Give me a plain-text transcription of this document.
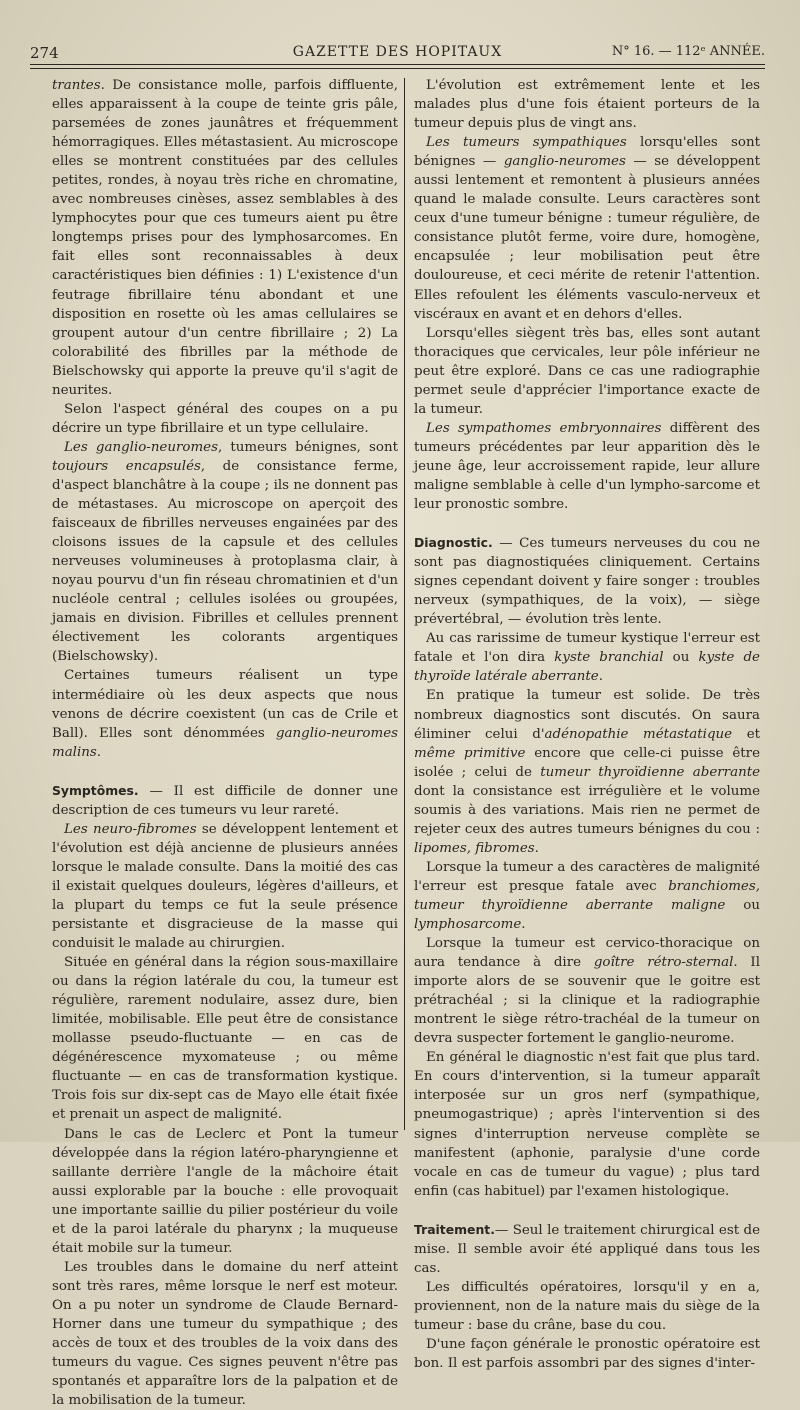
274	GAZETTE DES HOPITAUX	N° 16. — 112ᵉ ANNÉE.

trantes. De consistance molle, parfois diffluente, elles apparaissent à la coupe de teinte gris pâle, parsemées de zones jaunâtres et fréquemment hémorragiques. Elles métastasient. Au microscope elles se montrent constituées par des cellules petites, rondes, à noyau très riche en chromatine, avec nombreuses cinèses, assez semblables à des lymphocytes pour que ces tumeurs aient pu être longtemps prises pour des lymphosarcomes. En fait elles sont reconnaissables à deux caractéristiques bien définies : 1) L'existence d'un feutrage fibrillaire ténu abondant et une disposition en rosette où les amas cellulaires se groupent autour d'un centre fibrillaire ; 2) La colorabilité des fibrilles par la méthode de Bielschowsky qui apporte la preuve qu'il s'agit de neurites.

Selon l'aspect général des coupes on a pu décrire un type fibrillaire et un type cellulaire.

Les ganglio-neuromes, tumeurs bénignes, sont toujours encapsulés, de consistance ferme, d'aspect blanchâtre à la coupe ; ils ne donnent pas de métastases. Au microscope on aperçoit des faisceaux de fibrilles nerveuses engainées par des cloisons issues de la capsule et des cellules nerveuses volumineuses à protoplasma clair, à noyau pourvu d'un fin réseau chromatinien et d'un nucléole central ; cellules isolées ou groupées, jamais en division. Fibrilles et cellules prennent électivement les colorants argentiques (Bielschowsky).

Certaines tumeurs réalisent un type intermédiaire où les deux aspects que nous venons de décrire coexistent (un cas de Crile et Ball). Elles sont dénommées ganglio-neuromes malins.

Symptômes. — Il est difficile de donner une description de ces tumeurs vu leur rareté.

Les neuro-fibromes se développent lentement et l'évolution est déjà ancienne de plusieurs années lorsque le malade consulte. Dans la moitié des cas il existait quelques douleurs, légères d'ailleurs, et la plupart du temps ce fut la seule présence persistante et disgracieuse de la masse qui conduisit le malade au chirurgien.

Située en général dans la région sous-maxillaire ou dans la région latérale du cou, la tumeur est régulière, rarement nodulaire, assez dure, bien limitée, mobilisable. Elle peut être de consistance mollasse pseudo-fluctuante — en cas de dégénérescence myxomateuse ; ou même fluctuante — en cas de transformation kystique. Trois fois sur dix-sept cas de Mayo elle était fixée et prenait un aspect de malignité.

Dans le cas de Leclerc et Pont la tumeur développée dans la région latéro-pharyngienne et saillante derrière l'angle de la mâchoire était aussi explorable par la bouche : elle provoquait une importante saillie du pilier postérieur du voile et de la paroi latérale du pharynx ; la muqueuse était mobile sur la tumeur.

Les troubles dans le domaine du nerf atteint sont très rares, même lorsque le nerf est moteur. On a pu noter un syndrome de Claude Bernard-Horner dans une tumeur du sympathique ; des accès de toux et des troubles de la voix dans des tumeurs du vague. Ces signes peuvent n'être pas spontanés et apparaître lors de la palpation et de la mobilisation de la tumeur.

L'évolution est extrêmement lente et les malades plus d'une fois étaient porteurs de la tumeur depuis plus de vingt ans.

Les tumeurs sympathiques lorsqu'elles sont bénignes — ganglio-neuromes — se développent aussi lentement et remontent à plusieurs années quand le malade consulte. Leurs caractères sont ceux d'une tumeur bénigne : tumeur régulière, de consistance plutôt ferme, voire dure, homogène, encapsulée ; leur mobilisation peut être douloureuse, et ceci mérite de retenir l'attention. Elles refoulent les éléments vasculo-nerveux et viscéraux en avant et en dehors d'elles.

Lorsqu'elles siègent très bas, elles sont autant thoraciques que cervicales, leur pôle inférieur ne peut être exploré. Dans ce cas une radiographie permet seule d'apprécier l'importance exacte de la tumeur.

Les sympathomes embryonnaires diffèrent des tumeurs précédentes par leur apparition dès le jeune âge, leur accroissement rapide, leur allure maligne semblable à celle d'un lympho-sarcome et leur pronostic sombre.

Diagnostic. — Ces tumeurs nerveuses du cou ne sont pas diagnostiquées cliniquement. Certains signes cependant doivent y faire songer : troubles nerveux (sympathiques, de la voix), — siège prévertébral, — évolution très lente.

Au cas rarissime de tumeur kystique l'erreur est fatale et l'on dira kyste branchial ou kyste de thyroïde latérale aberrante.

En pratique la tumeur est solide. De très nombreux diagnostics sont discutés. On saura éliminer celui d'adénopathie métastatique et même primitive encore que celle-ci puisse être isolée ; celui de tumeur thyroïdienne aberrante dont la consistance est irrégulière et le volume soumis à des variations. Mais rien ne permet de rejeter ceux des autres tumeurs bénignes du cou : lipomes, fibromes.

Lorsque la tumeur a des caractères de malignité l'erreur est presque fatale avec branchiomes, tumeur thyroïdienne aberrante maligne ou lymphosarcome.

Lorsque la tumeur est cervico-thoracique on aura tendance à dire goître rétro-sternal. Il importe alors de se souvenir que le goitre est prétrachéal ; si la clinique et la radiographie montrent le siège rétro-trachéal de la tumeur on devra suspecter fortement le ganglio-neurome.

En général le diagnostic n'est fait que plus tard. En cours d'intervention, si la tumeur apparaît interposée sur un gros nerf (sympathique, pneumogastrique) ; après l'intervention si des signes d'interruption nerveuse complète se manifestent (aphonie, paralysie d'une corde vocale en cas de tumeur du vague) ; plus tard enfin (cas habituel) par l'examen histologique.

Traitement.— Seul le traitement chirurgical est de mise. Il semble avoir été appliqué dans tous les cas.

Les difficultés opératoires, lorsqu'il y en a, proviennent, non de la nature mais du siège de la tumeur : base du crâne, base du cou.

D'une façon générale le pronostic opératoire est bon. Il est parfois assombri par des signes d'inter-
